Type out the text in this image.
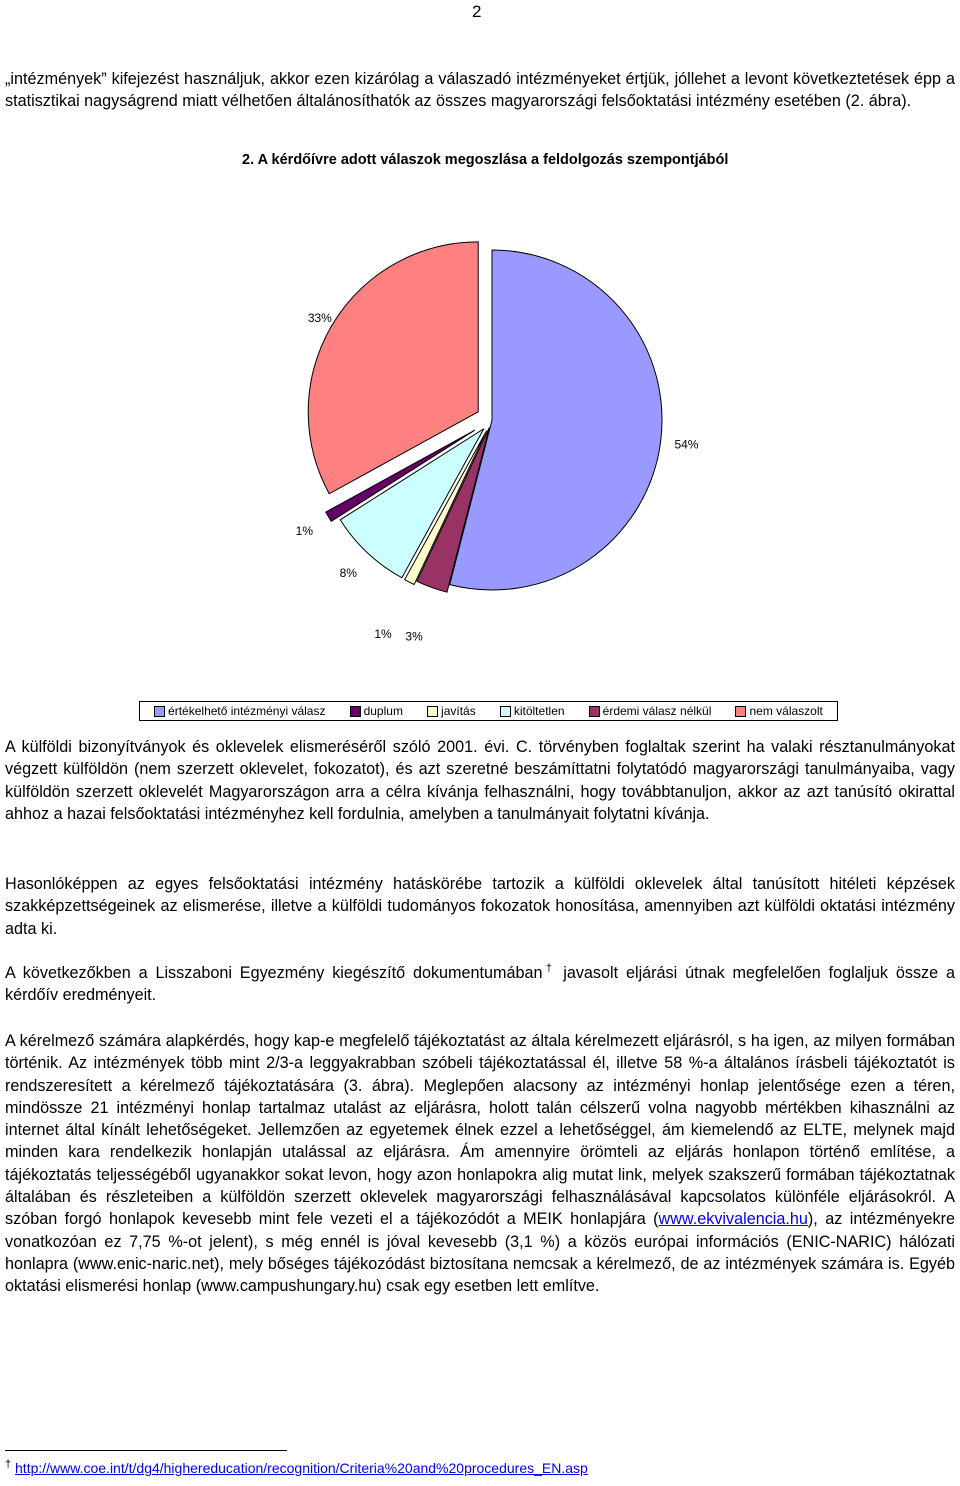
2

„intézmények” kifejezést használjuk, akkor ezen kizárólag a válaszadó intézményeket értjük, jóllehet a levont következtetések épp a statisztikai nagyságrend miatt vélhetően általánosíthatók az összes magyarországi felsőoktatási intézmény esetében (2. ábra).

2. A kérdőívre adott válaszok megoszlása a feldolgozás szempontjából
54%
3%
1%
8%
1%
33%
értékelhető intézményi válasz	duplum	javítás	kitöltetlen	érdemi válasz nélkül	nem válaszolt

A külföldi bizonyítványok és oklevelek elismeréséről szóló 2001. évi. C. törvényben foglaltak szerint ha valaki résztanulmányokat végzett külföldön (nem szerzett oklevelet, fokozatot), és azt szeretné beszámíttatni folytatódó magyarországi tanulmányaiba, vagy külföldön szerzett oklevelét Magyarországon arra a célra kívánja felhasználni, hogy továbbtanuljon, akkor az azt tanúsító okirattal ahhoz a hazai felsőoktatási intézményhez kell fordulnia, amelyben a tanulmányait folytatni kívánja.

Hasonlóképpen az egyes felsőoktatási intézmény hatáskörébe tartozik a külföldi oklevelek által tanúsított hitéleti képzések szakképzettségeinek az elismerése, illetve a külföldi tudományos fokozatok honosítása, amennyiben azt külföldi oktatási intézmény adta ki.

A következőkben a Lisszaboni Egyezmény kiegészítő dokumentumában† javasolt eljárási útnak megfelelően foglaljuk össze a kérdőív eredményeit.

A kérelmező számára alapkérdés, hogy kap-e megfelelő tájékoztatást az általa kérelmezett eljárásról, s ha igen, az milyen formában történik. Az intézmények több mint 2/3-a leggyakrabban szóbeli tájékoztatással él, illetve 58 %-a általános írásbeli tájékoztatót is rendszeresített a kérelmező tájékoztatására (3. ábra). Meglepően alacsony az intézményi honlap jelentősége ezen a téren, mindössze 21 intézményi honlap tartalmaz utalást az eljárásra, holott talán célszerű volna nagyobb mértékben kihasználni az internet által kínált lehetőségeket. Jellemzően az egyetemek élnek ezzel a lehetőséggel, ám kiemelendő az ELTE, melynek majd minden kara rendelkezik honlapján utalással az eljárásra. Ám amennyire örömteli az eljárás honlapon történő említése, a tájékoztatás teljességéből ugyanakkor sokat levon, hogy azon honlapokra alig mutat link, melyek szakszerű formában tájékoztatnak általában és részleteiben a külföldön szerzett oklevelek magyarországi felhasználásával kapcsolatos különféle eljárásokról. A szóban forgó honlapok kevesebb mint fele vezeti el a tájékozódót a MEIK honlapjára (www.ekvivalencia.hu), az intézményekre vonatkozóan ez 7,75 %-ot jelent), s még ennél is jóval kevesebb (3,1 %) a közös európai információs (ENIC-NARIC) hálózati honlapra (www.enic-naric.net), mely bőséges tájékozódást biztosítana nemcsak a kérelmező, de az intézmények számára is. Egyéb oktatási elismerési honlap (www.campushungary.hu) csak egy esetben lett említve.

† http://www.coe.int/t/dg4/highereducation/recognition/Criteria%20and%20procedures_EN.asp
